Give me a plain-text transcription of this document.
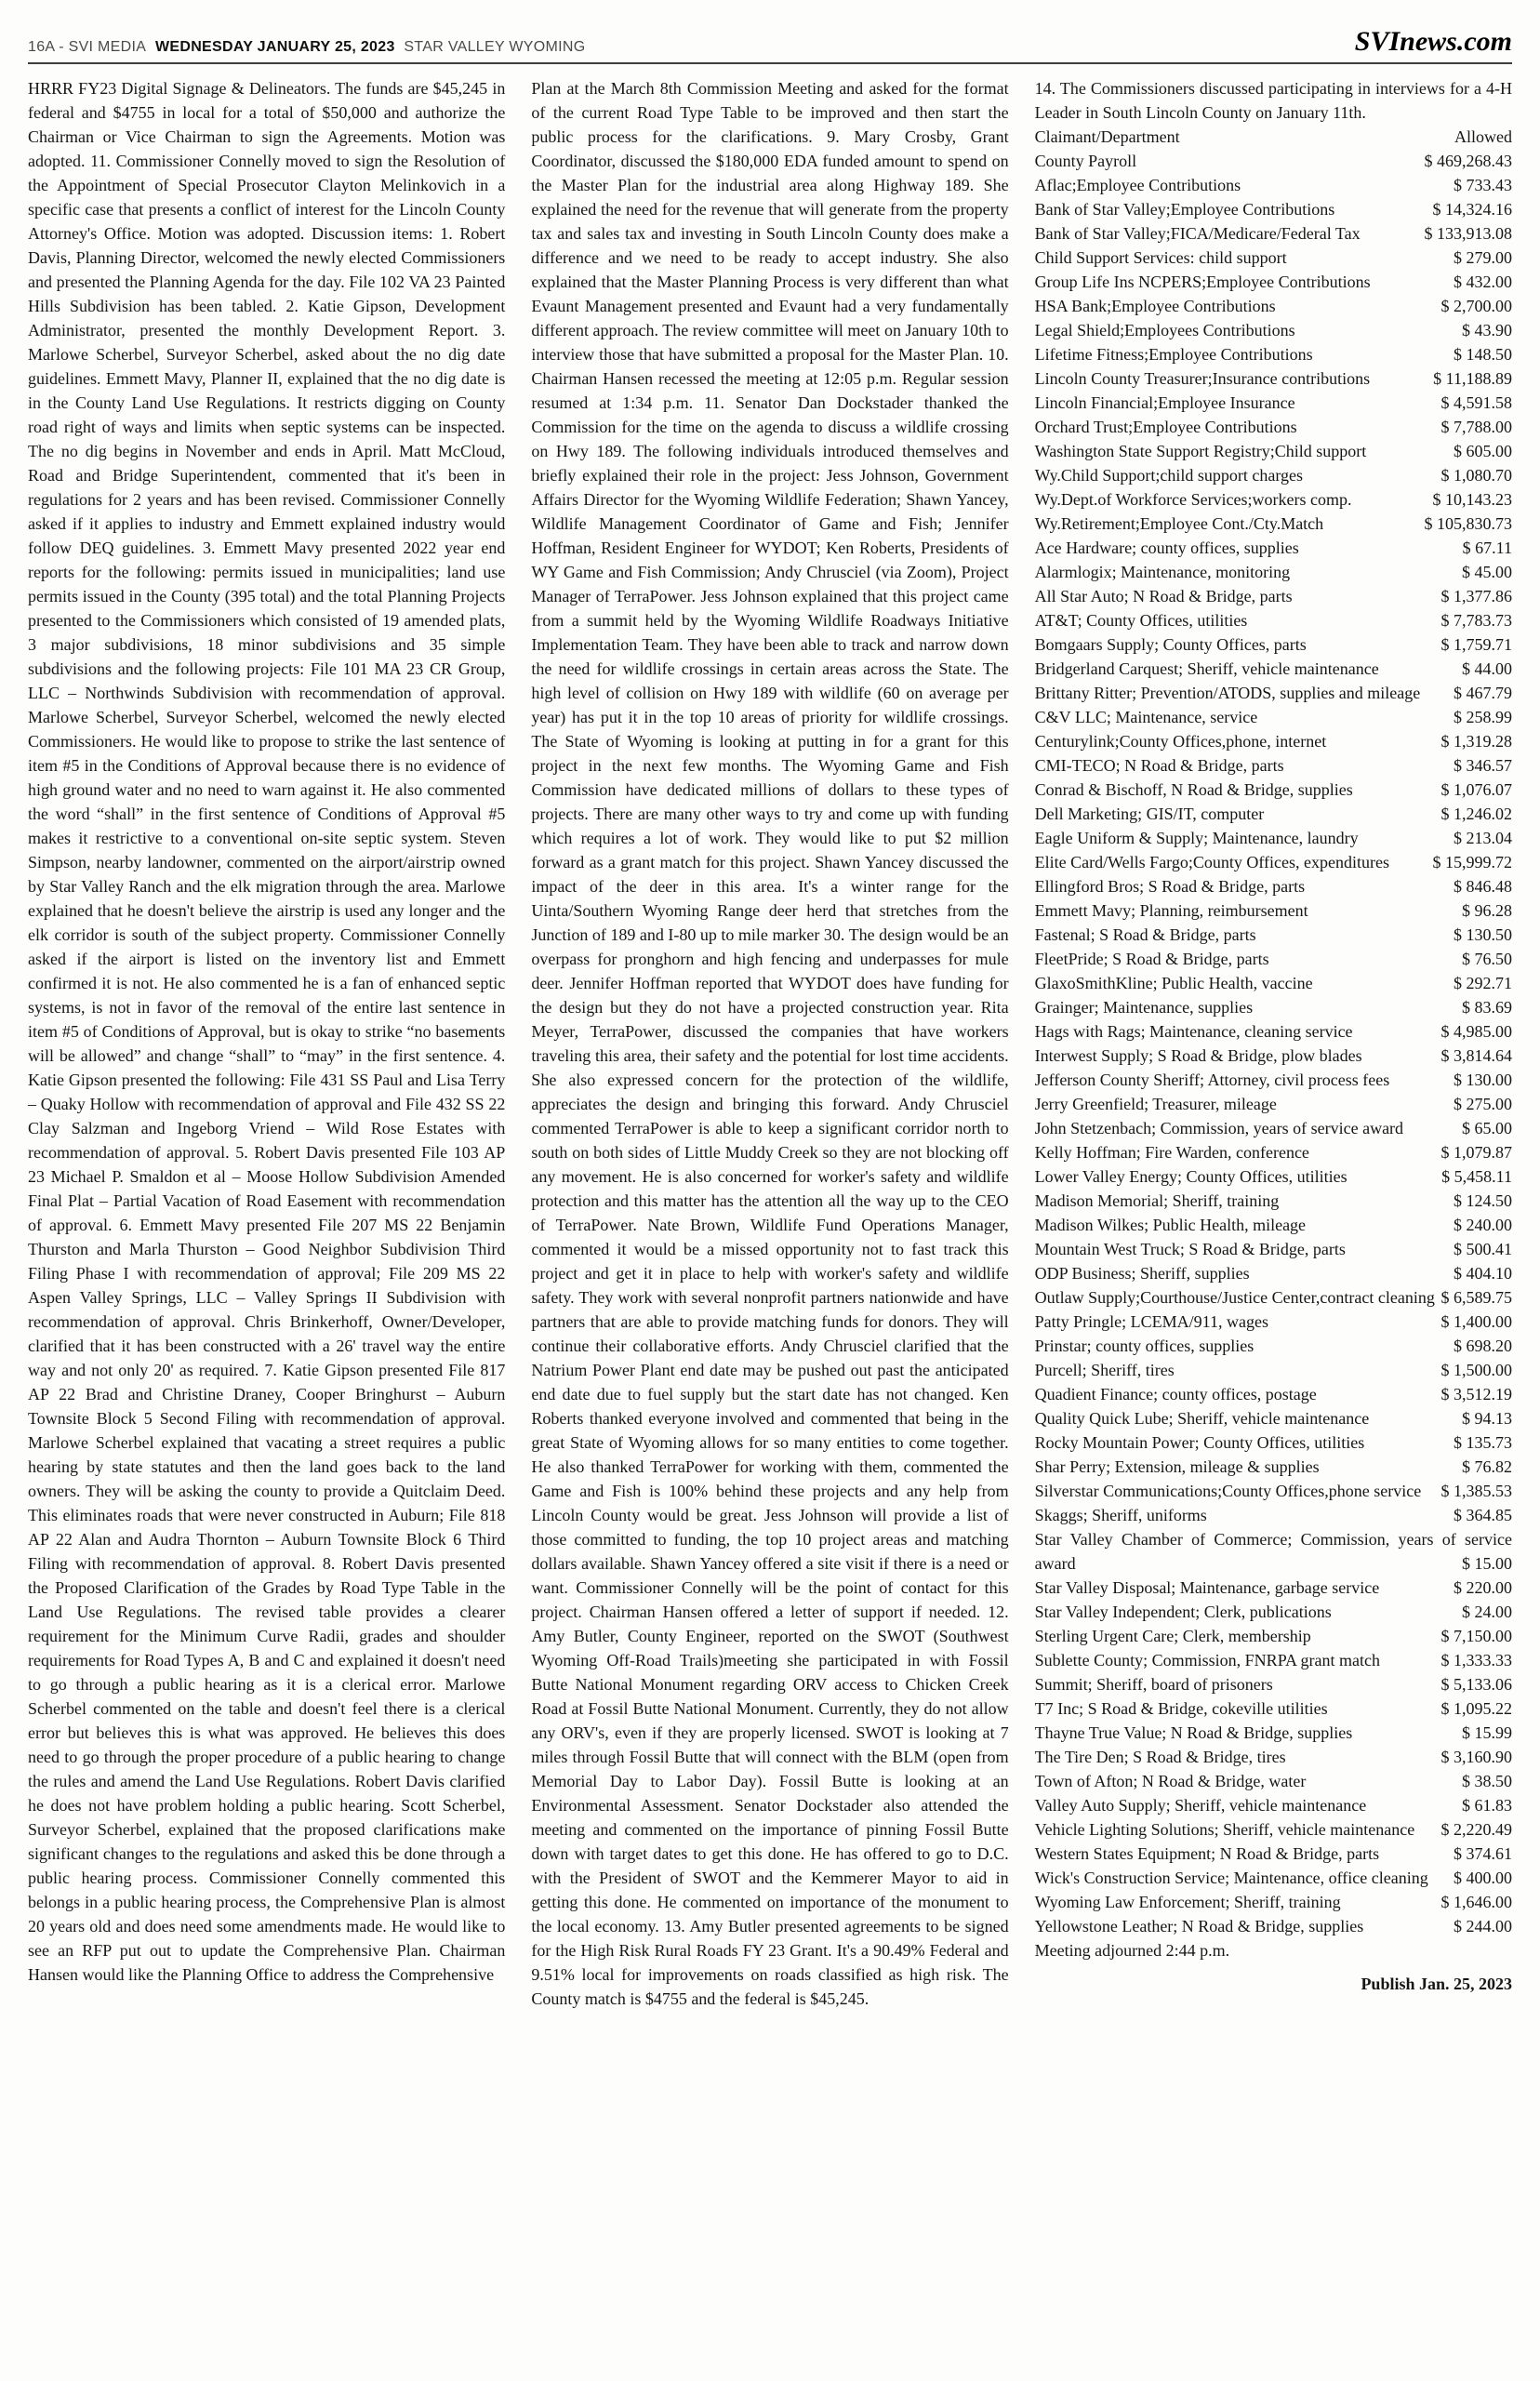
16A - SVI MEDIA WEDNESDAY JANUARY 25, 2023 STAR VALLEY WYOMING	SVInews.com
HRRR FY23 Digital Signage & Delineators. The funds are $45,245 in federal and $4755 in local for a total of $50,000 and authorize the Chairman or Vice Chairman to sign the Agreements. Motion was adopted. 11. Commissioner Connelly moved to sign the Resolution of the Appointment of Special Prosecutor Clayton Melinkovich in a specific case that presents a conflict of interest for the Lincoln County Attorney's Office. Motion was adopted. Discussion items: 1. Robert Davis, Planning Director, welcomed the newly elected Commissioners and presented the Planning Agenda for the day. File 102 VA 23 Painted Hills Subdivision has been tabled. 2. Katie Gipson, Development Administrator, presented the monthly Development Report. 3. Marlowe Scherbel, Surveyor Scherbel, asked about the no dig date guidelines. Emmett Mavy, Planner II, explained that the no dig date is in the County Land Use Regulations. It restricts digging on County road right of ways and limits when septic systems can be inspected. The no dig begins in November and ends in April. Matt McCloud, Road and Bridge Superintendent, commented that it's been in regulations for 2 years and has been revised. Commissioner Connelly asked if it applies to industry and Emmett explained industry would follow DEQ guidelines. 3. Emmett Mavy presented 2022 year end reports for the following: permits issued in municipalities; land use permits issued in the County (395 total) and the total Planning Projects presented to the Commissioners which consisted of 19 amended plats, 3 major subdivisions, 18 minor subdivisions and 35 simple subdivisions and the following projects: File 101 MA 23 CR Group, LLC – Northwinds Subdivision with recommendation of approval. Marlowe Scherbel, Surveyor Scherbel, welcomed the newly elected Commissioners. He would like to propose to strike the last sentence of item #5 in the Conditions of Approval because there is no evidence of high ground water and no need to warn against it. He also commented the word “shall” in the first sentence of Conditions of Approval #5 makes it restrictive to a conventional on-site septic system. Steven Simpson, nearby landowner, commented on the airport/airstrip owned by Star Valley Ranch and the elk migration through the area. Marlowe explained that he doesn't believe the airstrip is used any longer and the elk corridor is south of the subject property. Commissioner Connelly asked if the airport is listed on the inventory list and Emmett confirmed it is not. He also commented he is a fan of enhanced septic systems, is not in favor of the removal of the entire last sentence in item #5 of Conditions of Approval, but is okay to strike “no basements will be allowed” and change “shall” to “may” in the first sentence. 4. Katie Gipson presented the following: File 431 SS Paul and Lisa Terry – Quaky Hollow with recommendation of approval and File 432 SS 22 Clay Salzman and Ingeborg Vriend – Wild Rose Estates with recommendation of approval. 5. Robert Davis presented File 103 AP 23 Michael P. Smaldon et al – Moose Hollow Subdivision Amended Final Plat – Partial Vacation of Road Easement with recommendation of approval. 6. Emmett Mavy presented File 207 MS 22 Benjamin Thurston and Marla Thurston – Good Neighbor Subdivision Third Filing Phase I with recommendation of approval; File 209 MS 22 Aspen Valley Springs, LLC – Valley Springs II Subdivision with recommendation of approval. Chris Brinkerhoff, Owner/Developer, clarified that it has been constructed with a 26' travel way the entire way and not only 20' as required. 7. Katie Gipson presented File 817 AP 22 Brad and Christine Draney, Cooper Bringhurst – Auburn Townsite Block 5 Second Filing with recommendation of approval. Marlowe Scherbel explained that vacating a street requires a public hearing by state statutes and then the land goes back to the land owners. They will be asking the county to provide a Quitclaim Deed. This eliminates roads that were never constructed in Auburn; File 818 AP 22 Alan and Audra Thornton – Auburn Townsite Block 6 Third Filing with recommendation of approval. 8. Robert Davis presented the Proposed Clarification of the Grades by Road Type Table in the Land Use Regulations. The revised table provides a clearer requirement for the Minimum Curve Radii, grades and shoulder requirements for Road Types A, B and C and explained it doesn't need to go through a public hearing as it is a clerical error. Marlowe Scherbel commented on the table and doesn't feel there is a clerical error but believes this is what was approved. He believes this does need to go through the proper procedure of a public hearing to change the rules and amend the Land Use Regulations. Robert Davis clarified he does not have problem holding a public hearing. Scott Scherbel, Surveyor Scherbel, explained that the proposed clarifications make significant changes to the regulations and asked this be done through a public hearing process. Commissioner Connelly commented this belongs in a public hearing process, the Comprehensive Plan is almost 20 years old and does need some amendments made. He would like to see an RFP put out to update the Comprehensive Plan. Chairman Hansen would like the Planning Office to address the Comprehensive
Plan at the March 8th Commission Meeting and asked for the format of the current Road Type Table to be improved and then start the public process for the clarifications. 9. Mary Crosby, Grant Coordinator, discussed the $180,000 EDA funded amount to spend on the Master Plan for the industrial area along Highway 189. She explained the need for the revenue that will generate from the property tax and sales tax and investing in South Lincoln County does make a difference and we need to be ready to accept industry. She also explained that the Master Planning Process is very different than what Evaunt Management presented and Evaunt had a very fundamentally different approach. The review committee will meet on January 10th to interview those that have submitted a proposal for the Master Plan. 10. Chairman Hansen recessed the meeting at 12:05 p.m. Regular session resumed at 1:34 p.m. 11. Senator Dan Dockstader thanked the Commission for the time on the agenda to discuss a wildlife crossing on Hwy 189. The following individuals introduced themselves and briefly explained their role in the project: Jess Johnson, Government Affairs Director for the Wyoming Wildlife Federation; Shawn Yancey, Wildlife Management Coordinator of Game and Fish; Jennifer Hoffman, Resident Engineer for WYDOT; Ken Roberts, Presidents of WY Game and Fish Commission; Andy Chrusciel (via Zoom), Project Manager of TerraPower. Jess Johnson explained that this project came from a summit held by the Wyoming Wildlife Roadways Initiative Implementation Team. They have been able to track and narrow down the need for wildlife crossings in certain areas across the State. The high level of collision on Hwy 189 with wildlife (60 on average per year) has put it in the top 10 areas of priority for wildlife crossings. The State of Wyoming is looking at putting in for a grant for this project in the next few months. The Wyoming Game and Fish Commission have dedicated millions of dollars to these types of projects. There are many other ways to try and come up with funding which requires a lot of work. They would like to put $2 million forward as a grant match for this project. Shawn Yancey discussed the impact of the deer in this area. It's a winter range for the Uinta/Southern Wyoming Range deer herd that stretches from the Junction of 189 and I-80 up to mile marker 30. The design would be an overpass for pronghorn and high fencing and underpasses for mule deer. Jennifer Hoffman reported that WYDOT does have funding for the design but they do not have a projected construction year. Rita Meyer, TerraPower, discussed the companies that have workers traveling this area, their safety and the potential for lost time accidents. She also expressed concern for the protection of the wildlife, appreciates the design and bringing this forward. Andy Chrusciel commented TerraPower is able to keep a significant corridor north to south on both sides of Little Muddy Creek so they are not blocking off any movement. He is also concerned for worker's safety and wildlife protection and this matter has the attention all the way up to the CEO of TerraPower. Nate Brown, Wildlife Fund Operations Manager, commented it would be a missed opportunity not to fast track this project and get it in place to help with worker's safety and wildlife safety. They work with several nonprofit partners nationwide and have partners that are able to provide matching funds for donors. They will continue their collaborative efforts. Andy Chrusciel clarified that the Natrium Power Plant end date may be pushed out past the anticipated end date due to fuel supply but the start date has not changed. Ken Roberts thanked everyone involved and commented that being in the great State of Wyoming allows for so many entities to come together. He also thanked TerraPower for working with them, commented the Game and Fish is 100% behind these projects and any help from Lincoln County would be great. Jess Johnson will provide a list of those committed to funding, the top 10 project areas and matching dollars available. Shawn Yancey offered a site visit if there is a need or want. Commissioner Connelly will be the point of contact for this project. Chairman Hansen offered a letter of support if needed. 12. Amy Butler, County Engineer, reported on the SWOT (Southwest Wyoming Off-Road Trails)meeting she participated in with Fossil Butte National Monument regarding ORV access to Chicken Creek Road at Fossil Butte National Monument. Currently, they do not allow any ORV's, even if they are properly licensed. SWOT is looking at 7 miles through Fossil Butte that will connect with the BLM (open from Memorial Day to Labor Day). Fossil Butte is looking at an Environmental Assessment. Senator Dockstader also attended the meeting and commented on the importance of pinning Fossil Butte down with target dates to get this done. He has offered to go to D.C. with the President of SWOT and the Kemmerer Mayor to aid in getting this done. He commented on importance of the monument to the local economy. 13. Amy Butler presented agreements to be signed for the High Risk Rural Roads FY 23 Grant. It's a 90.49% Federal and 9.51% local for improvements on roads classified as high risk. The County match is $4755 and the federal is $45,245.

14. The Commissioners discussed participating in interviews for a 4-H Leader in South Lincoln County on January 11th.

Claimant/Department	Allowed
County Payroll	$ 469,268.43
Aflac;Employee Contributions	$ 733.43
Bank of Star Valley;Employee Contributions	$ 14,324.16
Bank of Star Valley;FICA/Medicare/Federal Tax	$ 133,913.08
Child Support Services: child support	$ 279.00
Group Life Ins NCPERS;Employee Contributions	$ 432.00
HSA Bank;Employee Contributions	$ 2,700.00
Legal Shield;Employees Contributions	$ 43.90
Lifetime Fitness;Employee Contributions	$ 148.50
Lincoln County Treasurer;Insurance contributions	$ 11,188.89
Lincoln Financial;Employee Insurance	$ 4,591.58
Orchard Trust;Employee Contributions	$ 7,788.00
Washington State Support Registry;Child support	$ 605.00
Wy.Child Support;child support charges	$ 1,080.70
Wy.Dept.of Workforce Services;workers comp.	$ 10,143.23
Wy.Retirement;Employee Cont./Cty.Match	$ 105,830.73
Ace Hardware; county offices, supplies	$ 67.11
Alarmlogix; Maintenance, monitoring	$ 45.00
All Star Auto; N Road & Bridge, parts	$ 1,377.86
AT&T; County Offices, utilities	$ 7,783.73
Bomgaars Supply; County Offices, parts	$ 1,759.71
Bridgerland Carquest; Sheriff, vehicle maintenance	$ 44.00
Brittany Ritter; Prevention/ATODS, supplies and mileage $ 467.79
C&V LLC; Maintenance, service	$ 258.99
Centurylink;County Offices,phone, internet	$ 1,319.28
CMI-TECO; N Road & Bridge, parts	$ 346.57
Conrad & Bischoff, N Road & Bridge, supplies	$ 1,076.07
Dell Marketing; GIS/IT, computer	$ 1,246.02
Eagle Uniform & Supply; Maintenance, laundry	$ 213.04
Elite Card/Wells Fargo;County Offices, expenditures	$ 15,999.72
Ellingford Bros; S Road & Bridge, parts	$ 846.48
Emmett Mavy; Planning, reimbursement	$ 96.28
Fastenal; S Road & Bridge, parts	$ 130.50
FleetPride; S Road & Bridge, parts	$ 76.50
GlaxoSmithKline; Public Health, vaccine	$ 292.71
Grainger; Maintenance, supplies	$ 83.69
Hags with Rags; Maintenance, cleaning service	$ 4,985.00
Interwest Supply; S Road & Bridge, plow blades	$ 3,814.64
Jefferson County Sheriff; Attorney, civil process fees	$ 130.00
Jerry Greenfield; Treasurer, mileage	$ 275.00
John Stetzenbach; Commission, years of service award	$ 65.00
Kelly Hoffman; Fire Warden, conference	$ 1,079.87
Lower Valley Energy; County Offices, utilities	$ 5,458.11
Madison Memorial; Sheriff, training	$ 124.50
Madison Wilkes; Public Health, mileage	$ 240.00
Mountain West Truck; S Road & Bridge, parts	$ 500.41
ODP Business; Sheriff, supplies	$ 404.10
Outlaw Supply;Courthouse/Justice Center,contract cleaning $ 6,589.75
Patty Pringle; LCEMA/911, wages	$ 1,400.00
Prinstar; county offices, supplies	$ 698.20
Purcell; Sheriff, tires	$ 1,500.00
Quadient Finance; county offices, postage	$ 3,512.19
Quality Quick Lube; Sheriff, vehicle maintenance	$ 94.13
Rocky Mountain Power; County Offices, utilities	$ 135.73
Shar Perry; Extension, mileage & supplies	$ 76.82
Silverstar Communications;County Offices,phone service $ 1,385.53
Skaggs; Sheriff, uniforms	$ 364.85
Star Valley Chamber of Commerce; Commission, years of service award	$ 15.00
Star Valley Disposal; Maintenance, garbage service	$ 220.00
Star Valley Independent; Clerk, publications	$ 24.00
Sterling Urgent Care; Clerk, membership	$ 7,150.00
Sublette County; Commission, FNRPA grant match	$ 1,333.33
Summit; Sheriff, board of prisoners	$ 5,133.06
T7 Inc; S Road & Bridge, cokeville utilities	$ 1,095.22
Thayne True Value; N Road & Bridge, supplies	$ 15.99
The Tire Den; S Road & Bridge, tires	$ 3,160.90
Town of Afton; N Road & Bridge, water	$ 38.50
Valley Auto Supply; Sheriff, vehicle maintenance	$ 61.83
Vehicle Lighting Solutions; Sheriff, vehicle maintenance $ 2,220.49
Western States Equipment; N Road & Bridge, parts	$ 374.61
Wick's Construction Service; Maintenance, office cleaning $ 400.00
Wyoming Law Enforcement; Sheriff, training	$ 1,646.00
Yellowstone Leather; N Road & Bridge, supplies	$ 244.00

Meeting adjourned 2:44 p.m.

Publish Jan. 25, 2023
